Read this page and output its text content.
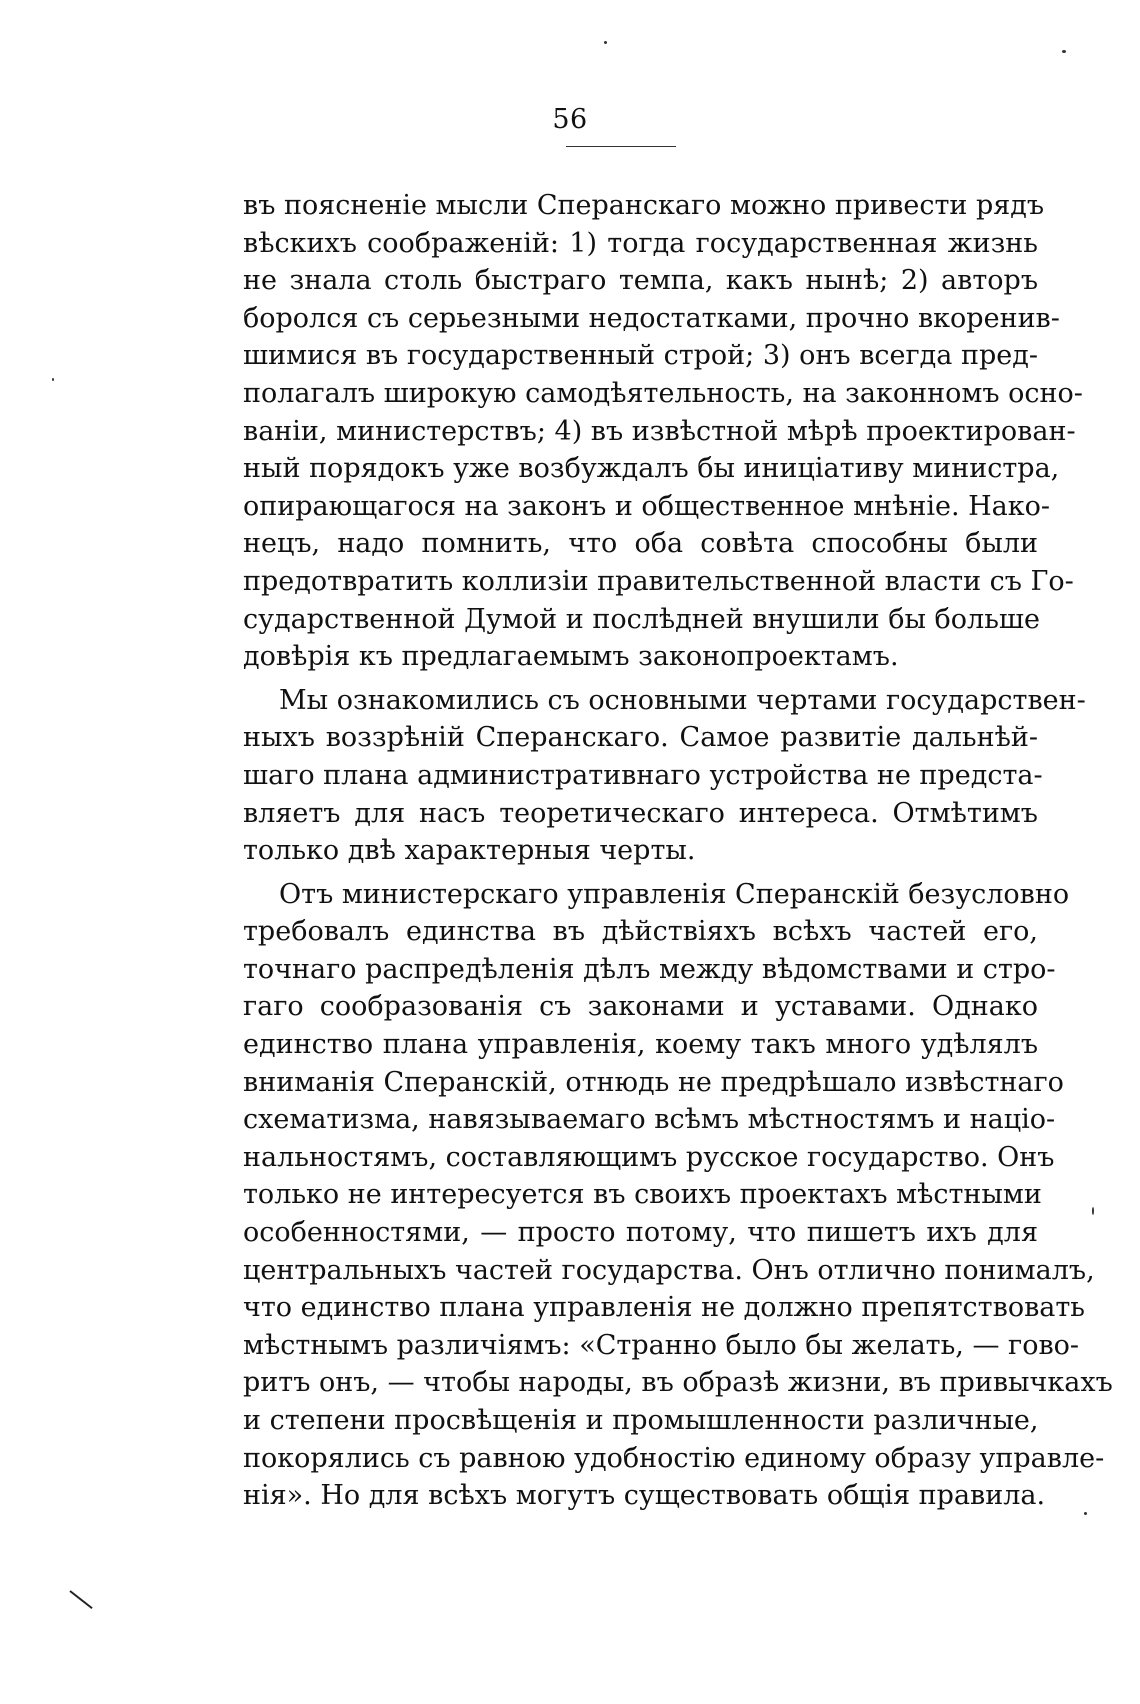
56
въ поясненіе мысли Сперанскаго можно привести рядъ
вѣскихъ соображеній: 1) тогда государственная жизнь
не знала столь быстраго темпа, какъ нынѣ; 2) авторъ
боролся съ серьезными недостатками, прочно вкоренив-
шимися въ государственный строй; 3) онъ всегда пред-
полагалъ широкую самодѣятельность, на законномъ осно-
ваніи, министерствъ; 4) въ извѣстной мѣрѣ проектирован-
ный порядокъ уже возбуждалъ бы иниціативу министра,
опирающагося на законъ и общественное мнѣніе. Нако-
нецъ, надо помнить, что оба совѣта способны были
предотвратить коллизіи правительственной власти съ Го-
сударственной Думой и послѣдней внушили бы больше
довѣрія къ предлагаемымъ законопроектамъ.
Мы ознакомились съ основными чертами государствен-
ныхъ воззрѣній Сперанскаго. Самое развитіе дальнѣй-
шаго плана административнаго устройства не предста-
вляетъ для насъ теоретическаго интереса. Отмѣтимъ
только двѣ характерныя черты.
Отъ министерскаго управленія Сперанскій безусловно
требовалъ единства въ дѣйствіяхъ всѣхъ частей его,
точнаго распредѣленія дѣлъ между вѣдомствами и стро-
гаго сообразованія съ законами и уставами. Однако
единство плана управленія, коему такъ много удѣлялъ
вниманія Сперанскій, отнюдь не предрѣшало извѣстнаго
схематизма, навязываемаго всѣмъ мѣстностямъ и націо-
нальностямъ, составляющимъ русское государство. Онъ
только не интересуется въ своихъ проектахъ мѣстными
особенностями, — просто потому, что пишетъ ихъ для
центральныхъ частей государства. Онъ отлично понималъ,
что единство плана управленія не должно препятствовать
мѣстнымъ различіямъ: «Странно было бы желать, — гово-
ритъ онъ, — чтобы народы, въ образѣ жизни, въ привычкахъ
и степени просвѣщенія и промышленности различные,
покорялись съ равною удобностію единому образу управле-
нія». Но для всѣхъ могутъ существовать общія правила.
